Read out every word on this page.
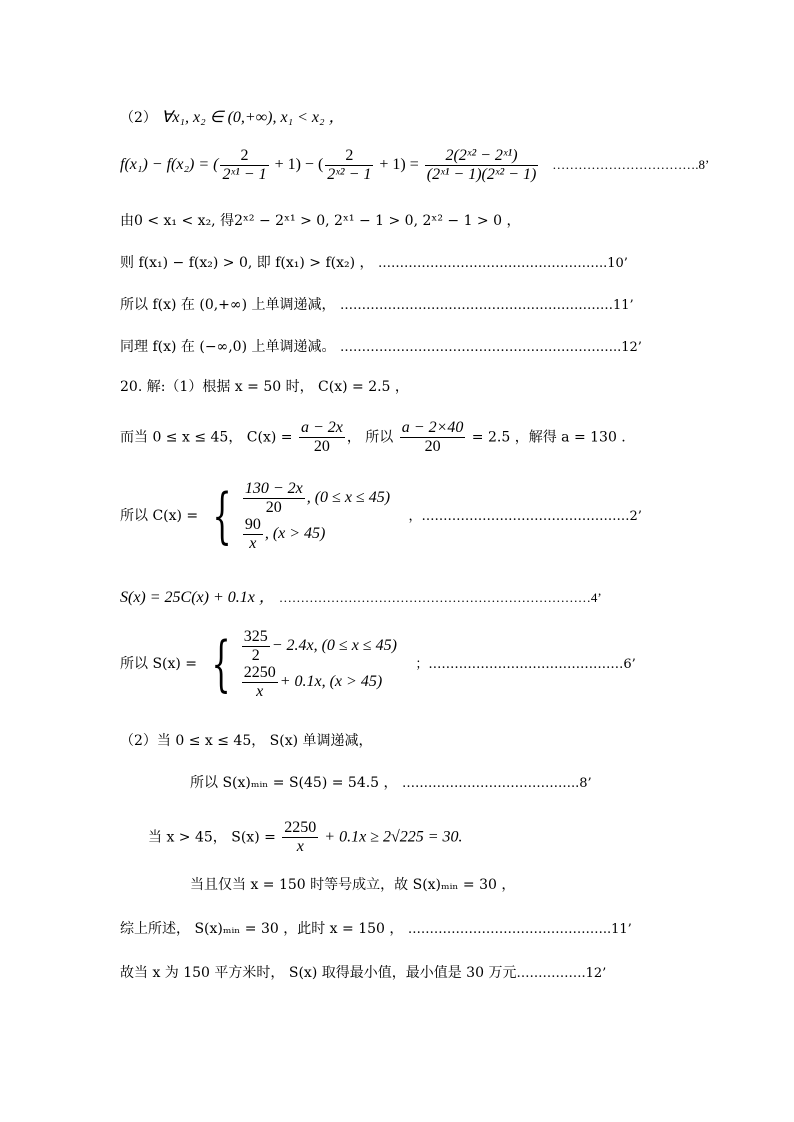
（2） ∀x₁, x₂ ∈ (0,+∞), x₁ < x₂ ，
f(x₁) − f(x₂) = ( $\frac{2}{\text{2ˣ¹ − 1}} + 1$) − ( $\frac{2}{\text{2ˣ² − 1}} + 1) = \frac{\text{2(2ˣ² − 2ˣ¹)}}{\text{(2ˣ¹ − 1)(2ˣ² − 1)}}$ …………………………….8’
由0 < x₁ < x₂, 得2ˣ² − 2ˣ¹ > 0, 2ˣ¹ − 1 > 0, 2ˣ² − 1 > 0 ，
则 f(x₁) − f(x₂) > 0, 即 f(x₁) > f(x₂) ， ……………………………………………..10’
所以 f(x) 在 (0,+∞) 上单调递减， ………………………………………………………11’
同理 f(x) 在 (−∞,0) 上单调递减。 ………………………………………………………..12’
20. 解:（1）根据 x = 50 时， C(x) = 2.5 ，
而当 0 ≤ x ≤ 45， $C(x) = \frac{a - 2x}{20}$ ， 所以 $\frac{a - 2\times 40}{20} = 2.5$ ，解得 a = 130 .
所以 C(x) = { $\frac{130 - 2x}{20}$ , (0 ≤ x ≤ 45)
$\frac{90}{x}$ , (x > 45)
，…………………………………………2’
S(x) = 25C(x) + 0.1x ， ………………………………………………………………4’
所以 S(x) = { $\frac{325}{2} - 2.4x$, (0 ≤ x ≤ 45)
$\frac{2250}{x} + 0.1x$, (x > 45)
；………………………………………6’
（2）当 0 ≤ x ≤ 45， S(x) 单调递减，
所以 S(x)ₘᵢₙ = S(45) = 54.5 ， …………………………………..8’
当 x > 45， $S(x) = \frac{2250}{x} + 0.1x \ge 2√225 = 30$.
当且仅当 x = 150 时等号成立，故 S(x)ₘᵢₙ = 30 ，
综上所述， S(x)ₘᵢₙ = 30 ，此时 x = 150 ， ………………………………………..11’
故当 x 为 150 平方米时， S(x) 取得最小值，最小值是 30 万元…………….12’
